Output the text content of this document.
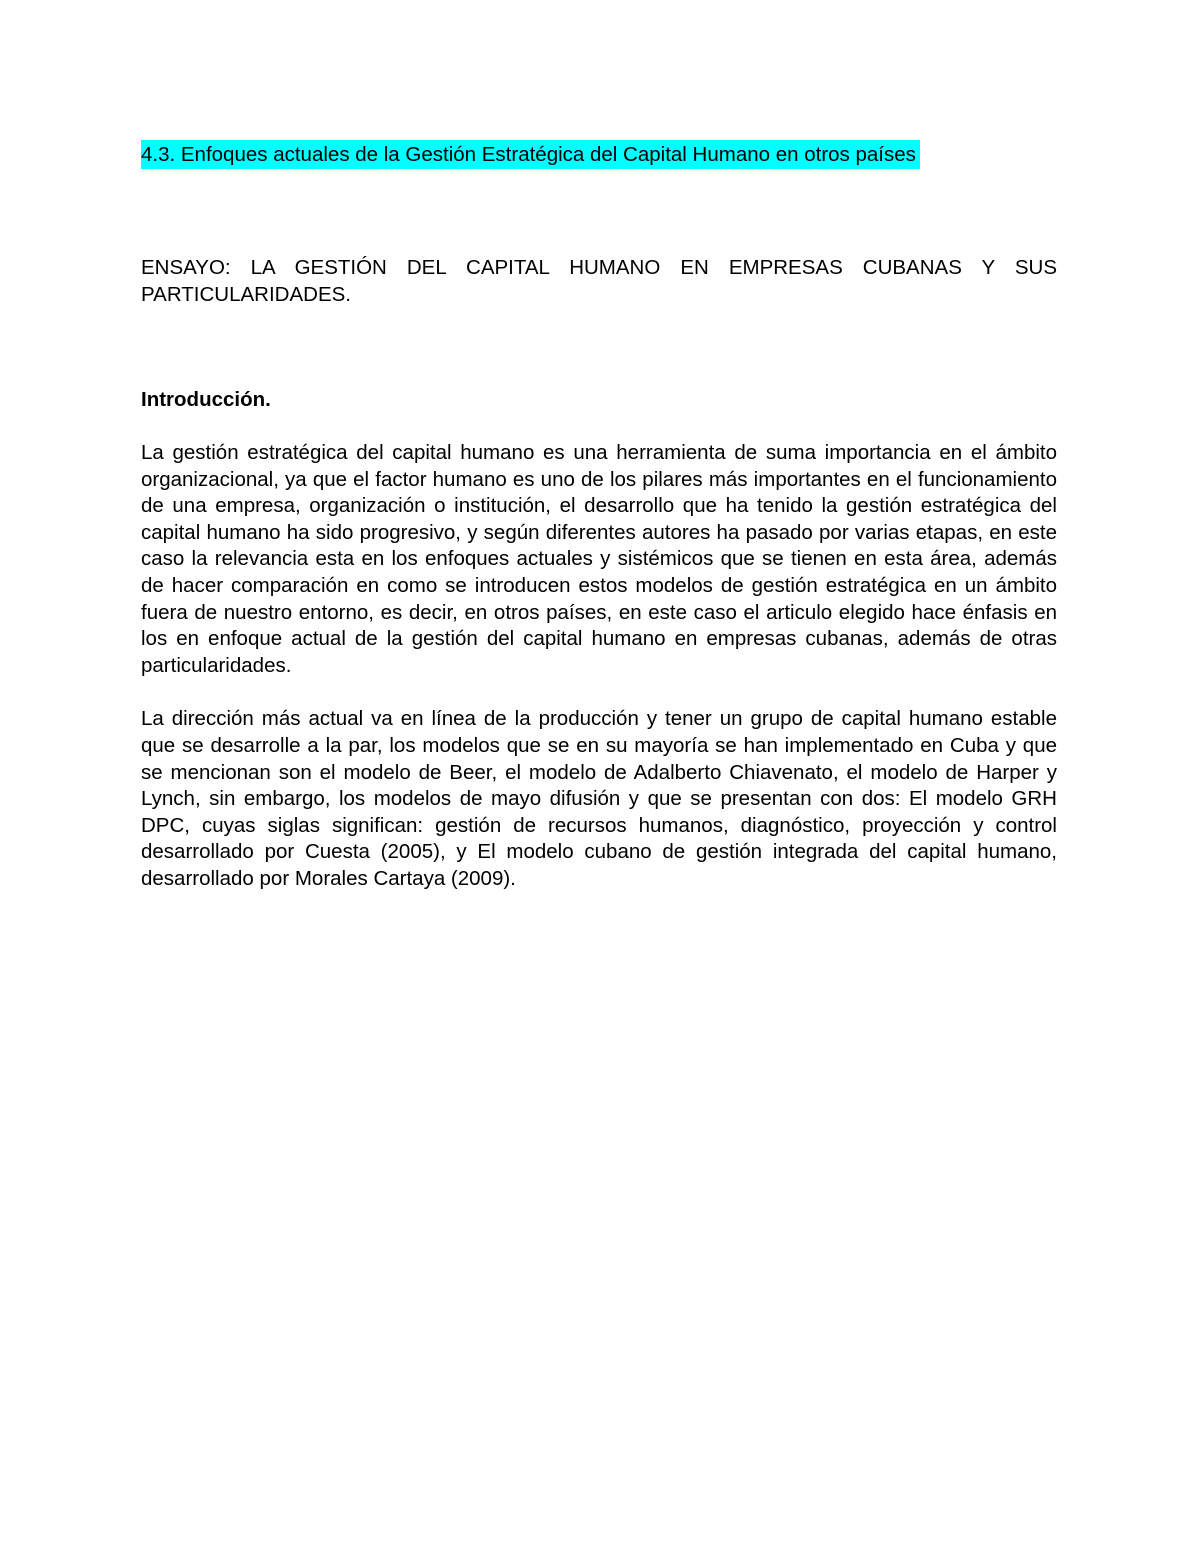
4.3. Enfoques actuales de la Gestión Estratégica del Capital Humano en otros países

ENSAYO: LA GESTIÓN DEL CAPITAL HUMANO EN EMPRESAS CUBANAS Y SUS PARTICULARIDADES.

Introducción.

La gestión estratégica del capital humano es una herramienta de suma importancia en el ámbito organizacional, ya que el factor humano es uno de los pilares más importantes en el funcionamiento de una empresa, organización o institución, el desarrollo que ha tenido la gestión estratégica del capital humano ha sido progresivo, y según diferentes autores ha pasado por varias etapas, en este caso la relevancia esta en los enfoques actuales y sistémicos que se tienen en esta área, además de hacer comparación en como se introducen estos modelos de gestión estratégica en un ámbito fuera de nuestro entorno, es decir, en otros países, en este caso el articulo elegido hace énfasis en los en enfoque actual de la gestión del capital humano en empresas cubanas, además de otras particularidades.

La dirección más actual va en línea de la producción y tener un grupo de capital humano estable que se desarrolle a la par, los modelos que se en su mayoría se han implementado en Cuba y que se mencionan son el modelo de Beer, el modelo de Adalberto Chiavenato, el modelo de Harper y Lynch, sin embargo, los modelos de mayo difusión y que se presentan con dos: El modelo GRH DPC, cuyas siglas significan: gestión de recursos humanos, diagnóstico, proyección y control desarrollado por Cuesta (2005), y El modelo cubano de gestión integrada del capital humano, desarrollado por Morales Cartaya (2009).
